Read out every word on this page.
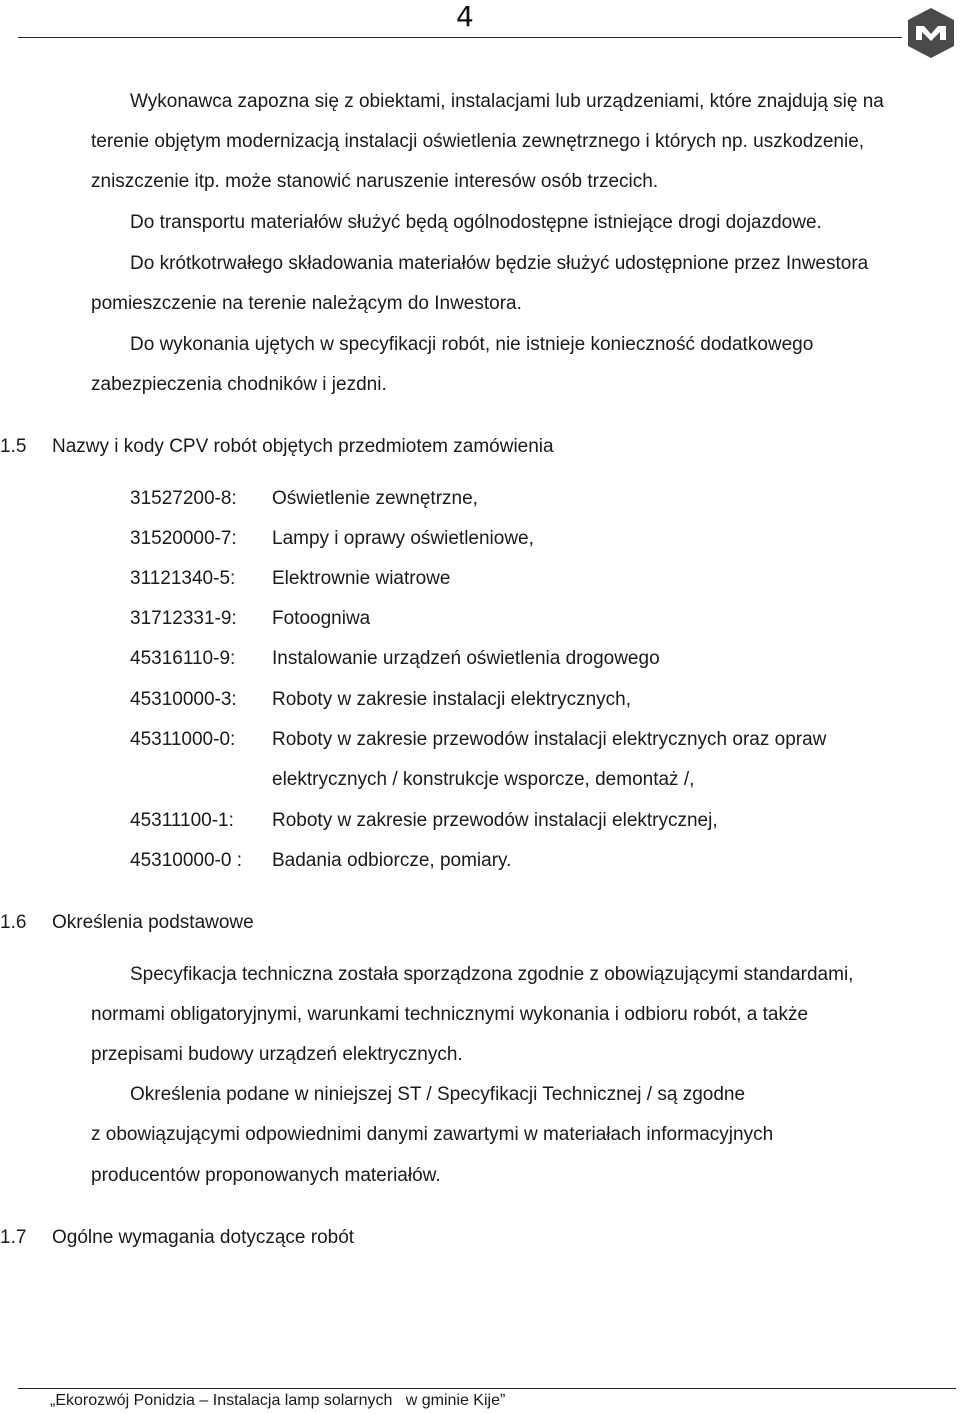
4
Wykonawca zapozna się z obiektami, instalacjami lub urządzeniami, które znajdują się na
terenie objętym modernizacją instalacji oświetlenia zewnętrznego i których np. uszkodzenie,
zniszczenie itp. może stanowić naruszenie interesów osób trzecich.
Do transportu materiałów służyć będą ogólnodostępne istniejące drogi dojazdowe.
Do krótkotrwałego składowania materiałów będzie służyć udostępnione przez Inwestora
pomieszczenie na terenie należącym do Inwestora.
Do wykonania ujętych w specyfikacji robót, nie istnieje konieczność dodatkowego
zabezpieczenia chodników i jezdni.
1.5 Nazwy i kody CPV robót objętych przedmiotem zamówienia
31527200-8: Oświetlenie zewnętrzne,
31520000-7: Lampy i oprawy oświetleniowe,
31121340-5: Elektrownie wiatrowe
31712331-9: Fotoogniwa
45316110-9: Instalowanie urządzeń oświetlenia drogowego
45310000-3: Roboty w zakresie instalacji elektrycznych,
45311000-0: Roboty w zakresie przewodów instalacji elektrycznych oraz opraw
elektrycznych / konstrukcje wsporcze, demontaż /,
45311100-1: Roboty w zakresie przewodów instalacji elektrycznej,
45310000-0 : Badania odbiorcze, pomiary.
1.6 Określenia podstawowe
Specyfikacja techniczna została sporządzona zgodnie z obowiązującymi standardami,
normami obligatoryjnymi, warunkami technicznymi wykonania i odbioru robót, a także
przepisami budowy urządzeń elektrycznych.
Określenia podane w niniejszej ST / Specyfikacji Technicznej / są zgodne
z obowiązującymi odpowiednimi danymi zawartymi w materiałach informacyjnych
producentów proponowanych materiałów.
1.7 Ogólne wymagania dotyczące robót
„Ekorozwój Ponidzia – Instalacja lamp solarnych   w gminie Kije”
